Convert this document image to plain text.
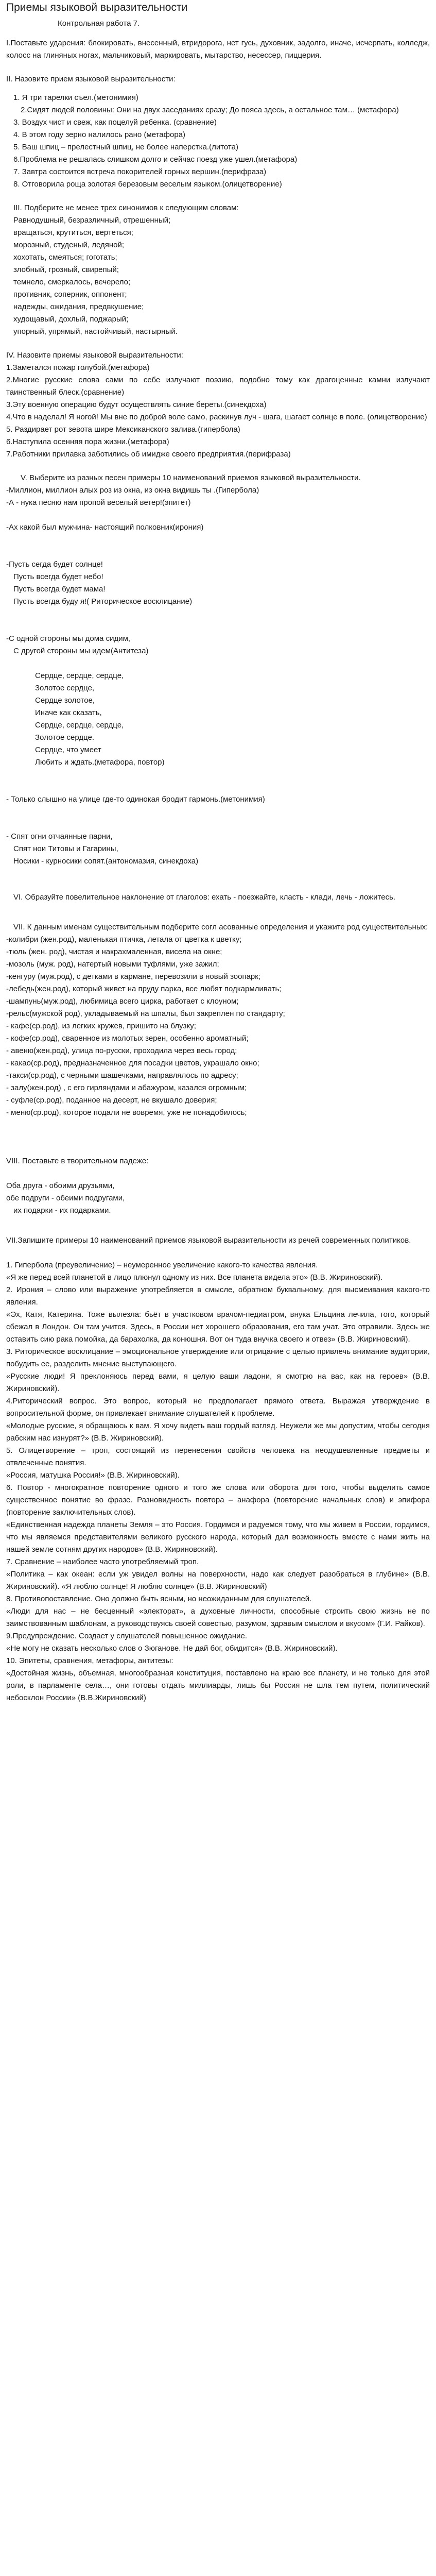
Приемы языковой выразительности
Контрольная работа 7.

I.Поставьте ударения: блокировать, внесенный, втридорога, нет гусь, духовник, задолго, иначе, исчерпать, колледж, колосс на глиняных ногах, мальчиковый, маркировать, мытарство, несессер, пиццерия.

II. Назовите прием языковой выразительности:

1. Я три тарелки съел.(метонимия)

2.Сидят людей половины: Они на двух заседаниях сразу; До пояса здесь, а остальное там… (метафора)

3. Воздух чист и свеж, как поцелуй ребенка. (сравнение)

4. В этом году зерно налилось рано (метафора)

5. Ваш шпиц – прелестный шпиц, не более наперстка.(литота)

6.Проблема не решалась слишком долго и сейчас поезд уже ушел.(метафора)

7. Завтра состоится встреча покорителей горных вершин.(перифраза)

8. Отговорила роща золотая березовым веселым языком.(олицетворение)

III. Подберите не менее трех синонимов к следующим словам:

Равнодушный, безразличный, отрешенный;

вращаться, крутиться, вертеться;

морозный, студеный, ледяной;

хохотать, смеяться; гоготать;

злобный, грозный, свирепый;

темнело, смеркалось, вечерело;

противник, соперник, оппонент;

надежды, ожидания, предвкушение;

худощавый, дохлый, поджарый;

упорный, упрямый, настойчивый, настырный.

IV. Назовите приемы языковой выразительности:

1.Заметался пожар голубой.(метафора)

2.Многие русские слова сами по себе излучают поэзию, подобно тому как драгоценные камни излучают таинственный блеск.(сравнение)

3.Эту военную операцию будут осуществлять синие береты.(синекдоха)

4.Что в наделал! Я ногой! Мы вне по доброй воле само, раскинув луч - шага, шагает солнце в поле. (олицетворение)

5. Раздирает рот зевота шире Мексиканского залива.(гипербола)

6.Наступила осенняя пора жизни.(метафора)

7.Работники прилавка заботились об имидже своего предприятия.(перифраза)

V. Выберите из разных песен примеры 10 наименований приемов языковой выразительности.

-Миллион, миллион алых роз из окна, из окна видишь ты .(Гипербола)

-А - нука песню нам пропой веселый ветер!(эпитет)

-Ах какой был мужчина- настоящий полковник(ирония)

-Пусть сегда будет солнце!

Пусть всегда будет небо!

Пусть всегда будет мама!

Пусть всегда буду я!( Риторическое восклицание)

-С одной стороны мы дома сидим,

С другой стороны мы идем(Антитеза)

Сердце, сердце, сердце,

Золотое сердце,

Сердце золотое,

Иначе как сказать,

Сердце, сердце, сердце,

Золотое сердце.

Сердце, что умеет

Любить и ждать.(метафора, повтор)

- Только слышно на улице где-то одинокая бродит гармонь.(метонимия)

- Спят огни отчаянные парни,

Спят нои Титовы и Гагарины,

Носики - курносики сопят.(антономазия, синекдоха)

VI. Образуйте повелительное наклонение от глаголов: ехать - поезжайте, класть - клади, лечь - ложитесь.

VII. К данным именам существительным подберите согл асованные определения и укажите род существительных:

-колибри (жен.род), маленькая птичка, летала от цветка к цветку;

-тюль (жен. род), чистая и накрахмаленная, висела на окне;

-мозоль (муж. род), натертый новыми туфлями, уже зажил;

-кенгуру (муж.род), с детками в кармане, перевозили в новый зоопарк;

-лебедь(жен.род), который живет на пруду парка, все любят подкармливать;

-шампунь(муж.род), любимица всего цирка, работает с клоуном;

-рельс(мужской род), укладываемый на шпалы, был закреплен по стандарту;

- кафе(ср.род), из легких кружев, пришито на блузку;

- кофе(ср.род), сваренное из молотых зерен, особенно ароматный;

- авеню(жен.род), улица по-русски, проходила через весь город;

- какао(ср.род), предназначенное для посадки цветов, украшало окно;

-такси(ср.род), с черными шашечками, направлялось по адресу;

- залу(жен.род) , с его гирляндами и абажуром, казался огромным;

- суфле(ср.род), поданное на десерт, не вкушало доверия;

- меню(ср.род), которое подали не вовремя, уже не понадобилось;

VIII. Поставьте в творительном падеже:

Оба друга - обоими друзьями,

обе подруги - обеими подругами,

их подарки - их подарками.

VII.Запишите примеры 10 наименований приемов языковой выразительности из речей современных политиков.

1. Гипербола (преувеличение) – неумеренное увеличение какого-то качества явления.

«Я же перед всей планетой в лицо плюнул одному из них. Все планета видела это» (В.В. Жириновский).

2. Ирония – слово или выражение употребляется в смысле, обратном буквальному, для высмеивания какого-то явления.

«Эх, Катя, Катерина. Тоже вылезла: бьёт в участковом врачом-педиатром, внука Ельцина лечила, того, который сбежал в Лондон. Он там учится. Здесь, в России нет хорошего образования, его там учат. Это отравили. Здесь же оставить сию рака помойка, да барахолка, да конюшня. Вот он туда внучка своего и отвез» (В.В. Жириновский).

3. Риторическое восклицание – эмоциональное утверждение или отрицание с целью привлечь внимание аудитории, побудить ее, разделить мнение выступающего.

«Русские люди! Я преклоняюсь перед вами, я целую ваши ладони, я смотрю на вас, как на героев» (В.В. Жириновский).

4.Риторический вопрос. Это вопрос, который не предполагает прямого ответа. Выражая утверждение в вопросительной форме, он привлекает внимание слушателей к проблеме.

«Молодые русские, я обращаюсь к вам. Я хочу видеть ваш гордый взгляд. Неужели же мы допустим, чтобы сегодня рабским нас изнурят?» (В.В. Жириновский).

5. Олицетворение – троп, состоящий из перенесения свойств человека на неодушевленные предметы и отвлеченные понятия.

«Россия, матушка Россия!» (В.В. Жириновский).

6. Повтор - многократное повторение одного и того же слова или оборота для того, чтобы выделить самое существенное понятие во фразе. Разновидность повтора – анафора (повторение начальных слов) и эпифора (повторение заключительных слов).

«Единственная надежда планеты Земля – это Россия. Гордимся и радуемся тому, что мы живем в России, гордимся, что мы являемся представителями великого русского народа, который дал возможность вместе с нами жить на нашей земле сотням других народов» (В.В. Жириновский).

7. Сравнение – наиболее часто употребляемый троп.

«Политика – как океан: если уж увидел волны на поверхности, надо как следует разобраться в глубине» (В.В. Жириновский). «Я люблю солнце! Я люблю солнце» (В.В. Жириновский)

8. Противопоставление. Оно должно быть ясным, но неожиданным для слушателей.

«Люди для нас – не бесценный «электорат», а духовные личности, способные строить свою жизнь не по заимствованным шаблонам, а руководствуясь своей совестью, разумом, здравым смыслом и вкусом» (Г.И. Райков).

9.Предупреждение. Создает у слушателей повышенное ожидание.

«Не могу не сказать несколько слов о Зюганове. Не дай бог, обидится» (В.В. Жириновский).

10. Эпитеты, сравнения, метафоры, антитезы:

«Достойная жизнь, объемная, многообразная конституция, поставлено на краю все планету, и не только для этой роли, в парламенте села…, они готовы отдать миллиарды, лишь бы Россия не шла тем путем, политический небосклон России» (В.В.Жириновский)
